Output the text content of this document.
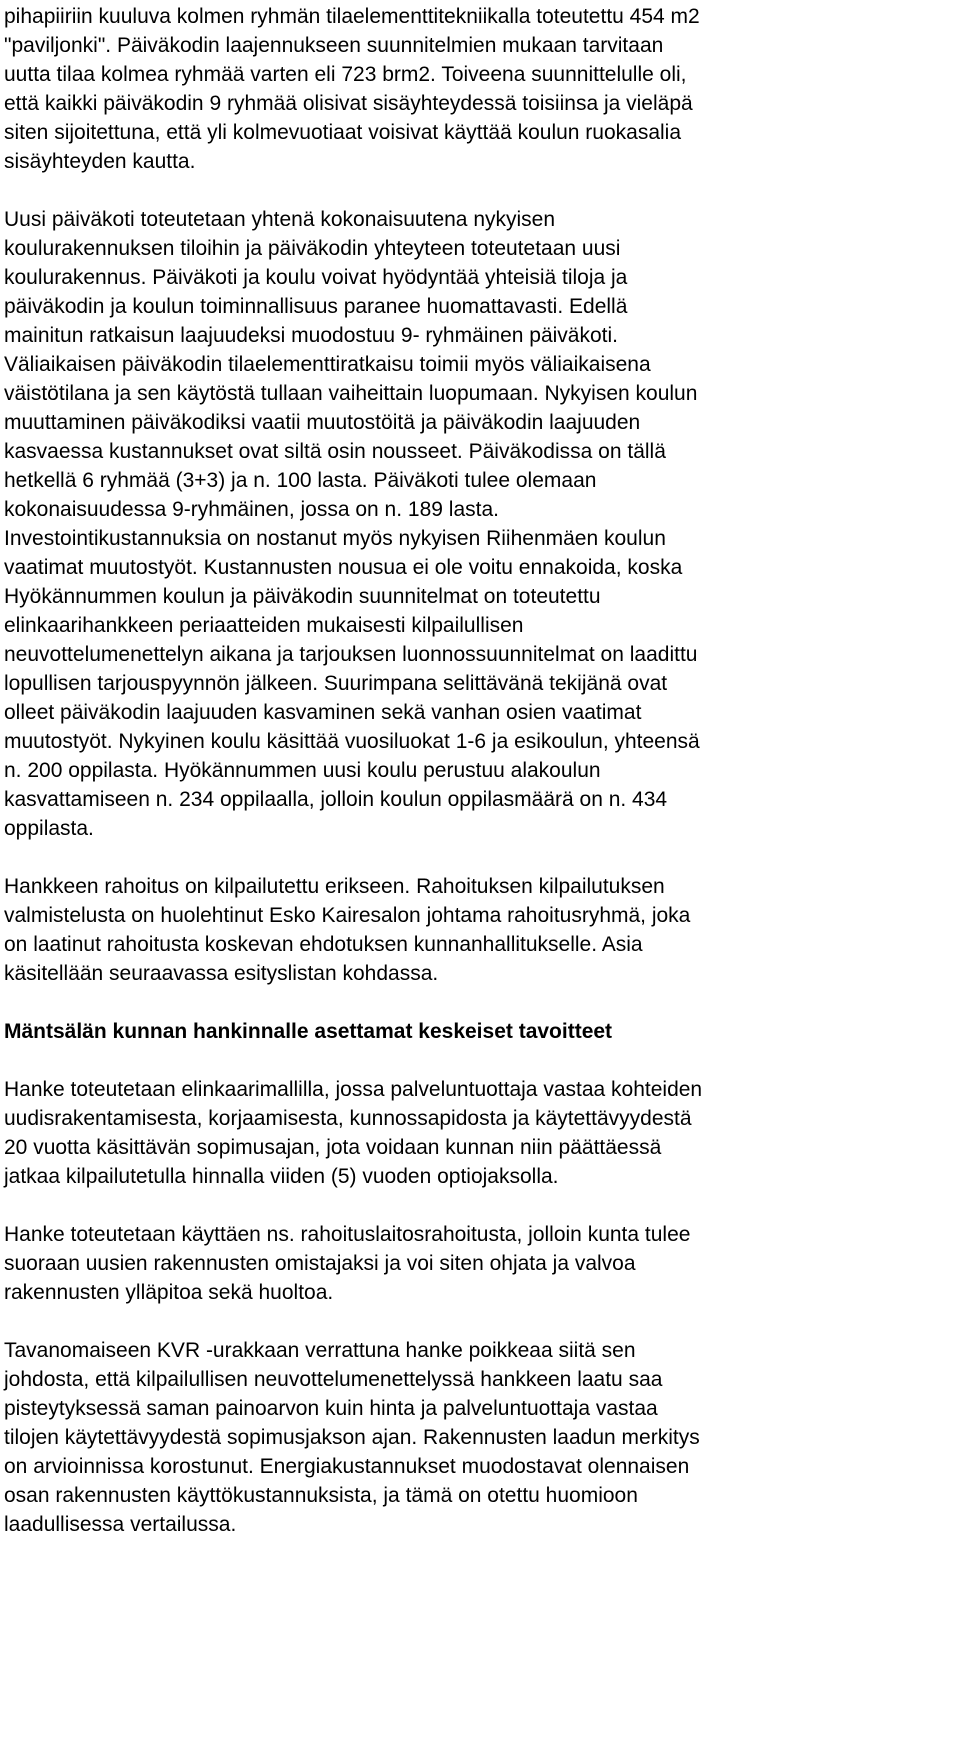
pihapiiriin kuuluva kolmen ryhmän tilaelementtitekniikalla toteutettu 454 m2
"paviljonki". Päiväkodin laajennukseen suunnitelmien mukaan tarvitaan
uutta tilaa kolmea ryhmää varten eli 723 brm2. Toiveena suunnittelulle oli,
että kaikki päiväkodin 9 ryhmää olisivat sisäyhteydessä toisiinsa ja vieläpä
siten sijoitettuna, että yli kolmevuotiaat voisivat käyttää koulun ruokasalia
sisäyhteyden kautta.
Uusi päiväkoti toteutetaan yhtenä kokonaisuutena nykyisen
koulurakennuksen tiloihin ja päiväkodin yhteyteen toteutetaan uusi
koulurakennus. Päiväkoti ja koulu voivat hyödyntää yhteisiä tiloja ja
päiväkodin ja koulun toiminnallisuus paranee huomattavasti. Edellä
mainitun ratkaisun laajuudeksi muodostuu 9- ryhmäinen päiväkoti.
Väliaikaisen päiväkodin tilaelementtiratkaisu toimii myös väliaikaisena
väistötilana ja sen käytöstä tullaan vaiheittain luopumaan. Nykyisen koulun
muuttaminen päiväkodiksi vaatii muutostöitä ja päiväkodin laajuuden
kasvaessa kustannukset ovat siltä osin nousseet. Päiväkodissa on tällä
hetkellä 6 ryhmää (3+3) ja n. 100 lasta. Päiväkoti tulee olemaan
kokonaisuudessa 9-ryhmäinen, jossa on n. 189 lasta.
Investointikustannuksia on nostanut myös nykyisen Riihenmäen koulun
vaatimat muutostyöt. Kustannusten nousua ei ole voitu ennakoida, koska
Hyökännummen koulun ja päiväkodin suunnitelmat on toteutettu
elinkaarihankkeen periaatteiden mukaisesti kilpailullisen
neuvottelumenettelyn aikana ja tarjouksen luonnossuunnitelmat on laadittu
lopullisen tarjouspyynnön jälkeen. Suurimpana selittävänä tekijänä ovat
olleet päiväkodin laajuuden kasvaminen sekä vanhan osien vaatimat
muutostyöt. Nykyinen koulu käsittää vuosiluokat 1-6 ja esikoulun, yhteensä
n. 200 oppilasta. Hyökännummen uusi koulu perustuu alakoulun
kasvattamiseen n. 234 oppilaalla, jolloin koulun oppilasmäärä on n. 434
oppilasta.
Hankkeen rahoitus on kilpailutettu erikseen. Rahoituksen kilpailutuksen
valmistelusta on huolehtinut Esko Kairesalon johtama rahoitusryhmä, joka
on laatinut rahoitusta koskevan ehdotuksen kunnanhallitukselle. Asia
käsitellään seuraavassa esityslistan kohdassa.
Mäntsälän kunnan hankinnalle asettamat keskeiset tavoitteet
Hanke toteutetaan elinkaarimallilla, jossa palveluntuottaja vastaa kohteiden
uudisrakentamisesta, korjaamisesta, kunnossapidosta ja käytettävyydestä
20 vuotta käsittävän sopimusajan, jota voidaan kunnan niin päättäessä
jatkaa kilpailutetulla hinnalla viiden (5) vuoden optiojaksolla.
Hanke toteutetaan käyttäen ns. rahoituslaitosrahoitusta, jolloin kunta tulee
suoraan uusien rakennusten omistajaksi ja voi siten ohjata ja valvoa
rakennusten ylläpitoa sekä huoltoa.
Tavanomaiseen KVR -urakkaan verrattuna hanke poikkeaa siitä sen
johdosta, että kilpailullisen neuvottelumenettelyssä hankkeen laatu saa
pisteytyksessä saman painoarvon kuin hinta ja palveluntuottaja vastaa
tilojen käytettävyydestä sopimusjakson ajan. Rakennusten laadun merkitys
on arvioinnissa korostunut. Energiakustannukset muodostavat olennaisen
osan rakennusten käyttökustannuksista, ja tämä on otettu huomioon
laadullisessa vertailussa.
